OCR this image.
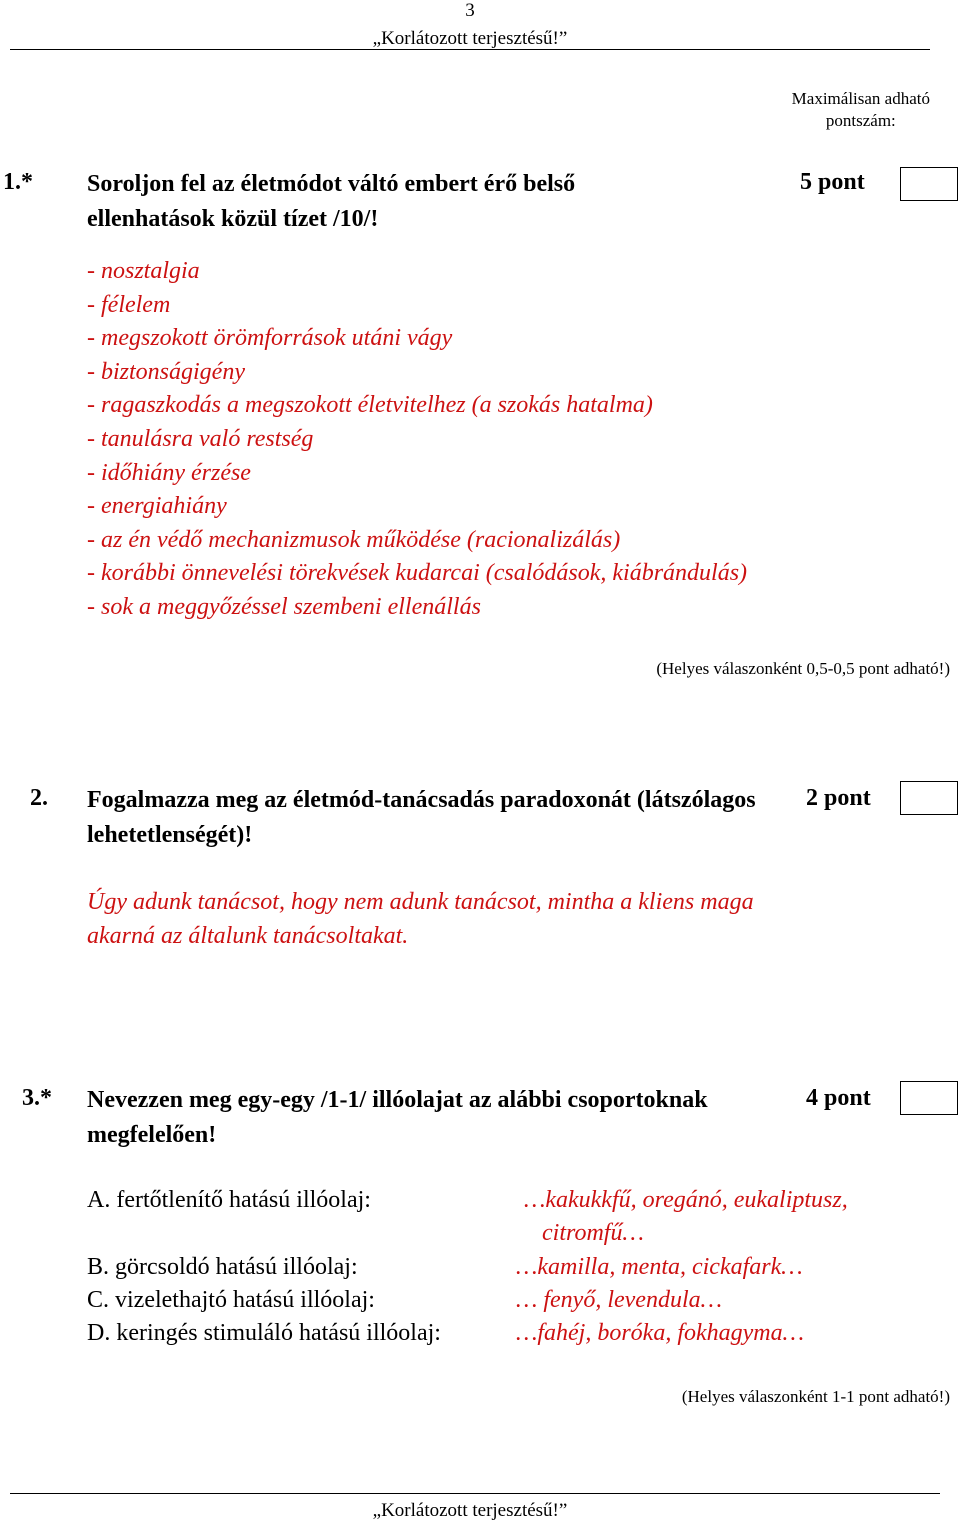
3
„Korlátozott terjesztésű!”
Maximálisan adható
pontszám:
1.* Soroljon fel az életmódot váltó embert érő belső ellenhatások közül tízet /10/!
5 pont
- nosztalgia
- félelem
- megszokott örömforrások utáni vágy
- biztonságigény
- ragaszkodás a megszokott életvitelhez (a szokás hatalma)
- tanulásra való restség
- időhiány érzése
- energiahiány
- az én védő mechanizmusok működése (racionalizálás)
- korábbi önnevelési törekvések kudarcai (csalódások, kiábrándulás)
- sok a meggyőzéssel szembeni ellenállás
(Helyes válaszonként 0,5-0,5 pont adható!)
2. Fogalmazza meg az életmód-tanácsadás paradoxonát (látszólagos lehetetlenségét)!
2 pont
Úgy adunk tanácsot, hogy nem adunk tanácsot, mintha a kliens maga akarná az általunk tanácsoltakat.
3.* Nevezzen meg egy-egy /1-1/ illóolajat az alábbi csoportoknak megfelelően!
4 pont
A. fertőtlenítő hatású illóolaj:	…kakukkfű, oregánó, eukaliptusz,
citromfű…
B. görcsoldó hatású illóolaj:	…kamilla, menta, cickafark…
C. vizelethajtó hatású illóolaj:	… fenyő, levendula…
D. keringés stimuláló hatású illóolaj:	…fahéj, boróka, fokhagyma…
(Helyes válaszonként 1-1 pont adható!)
„Korlátozott terjesztésű!”
